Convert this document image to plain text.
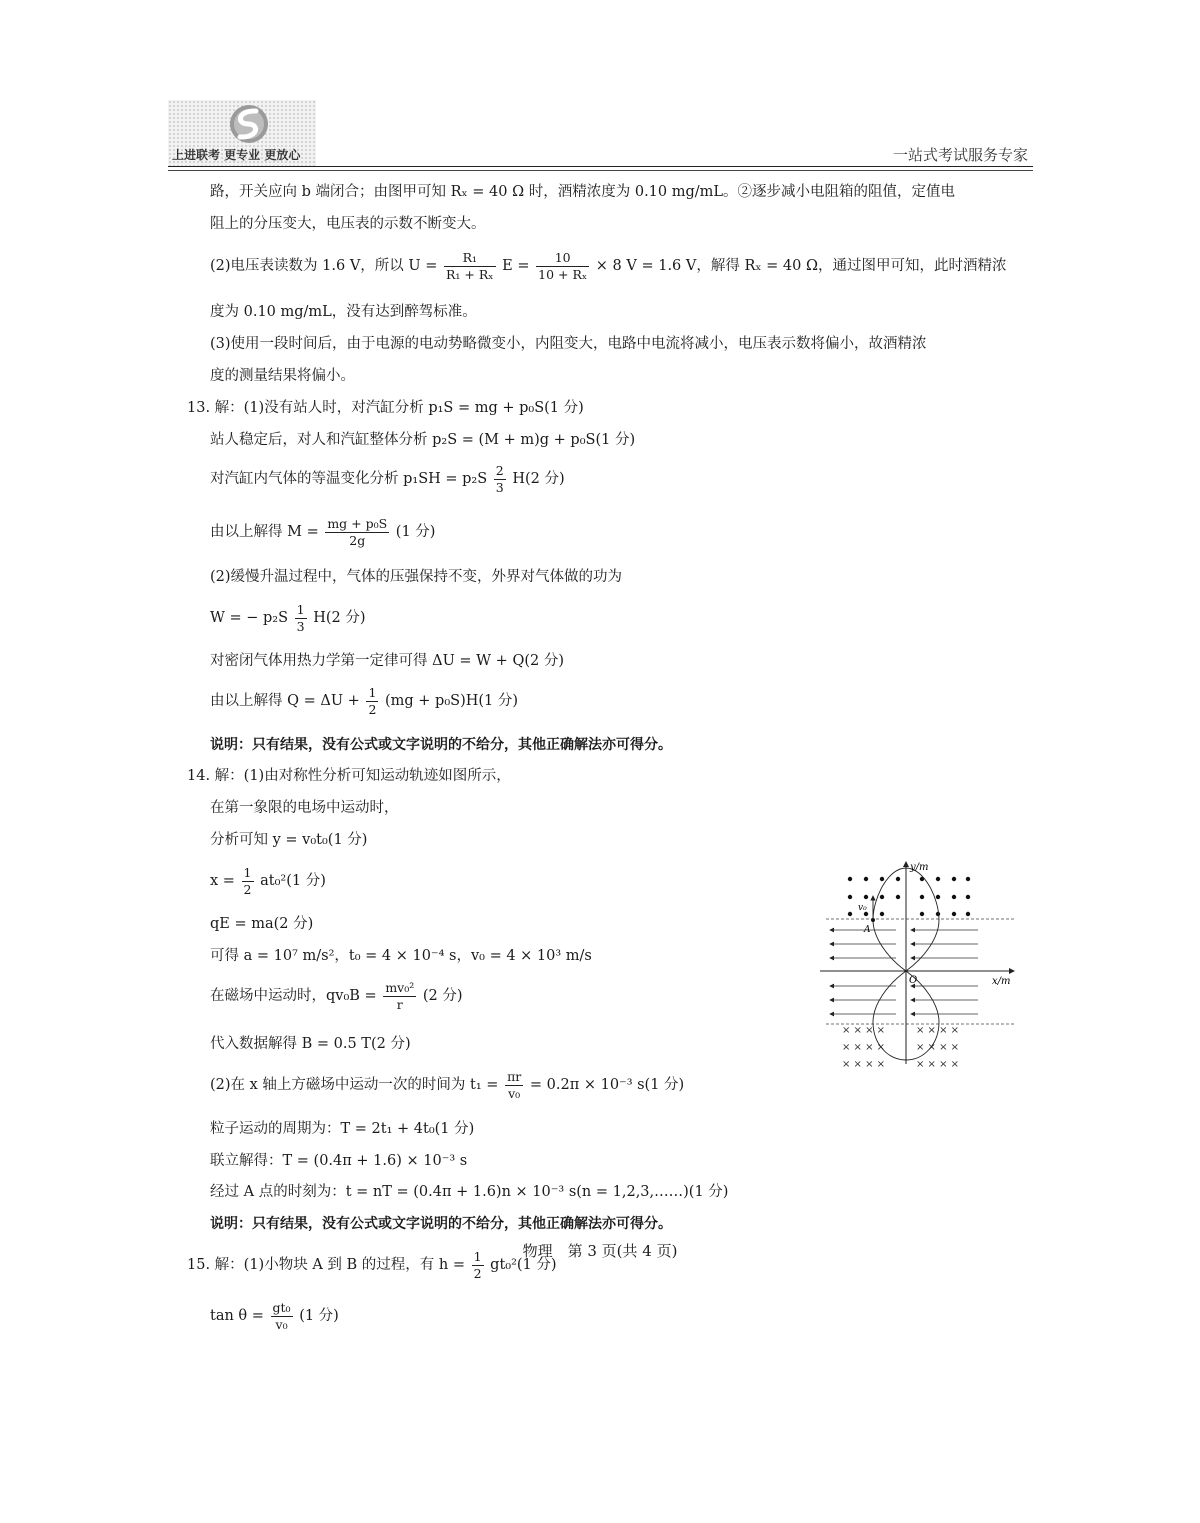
上进联考 更专业 更放心	一站式考试服务专家
路，开关应向 b 端闭合；由图甲可知 Rₓ = 40 Ω 时，酒精浓度为 0.10 mg/mL。②逐步减小电阻箱的阻值，定值电
阻上的分压变大，电压表的示数不断变大。
(2)电压表读数为 1.6 V，所以 $U = \frac{\text{R₁}}{\text{R₁ + Rₓ}}$ $E = \frac{10}{\text{10 + Rₓ}} \times 8$ V = 1.6 V，解得 Rₓ = 40 Ω，通过图甲可知，此时酒精浓
度为 0.10 mg/mL，没有达到醉驾标准。
(3)使用一段时间后，由于电源的电动势略微变小，内阻变大，电路中电流将减小，电压表示数将偏小，故酒精浓
度的测量结果将偏小。
13. 解：(1)没有站人时，对汽缸分析 p₁S = mg + p₀S(1 分)
站人稳定后，对人和汽缸整体分析 p₂S = (M + m)g + p₀S(1 分)
对汽缸内气体的等温变化分析 $p_1SH = p_2S \frac{2}{3} H(2$ 分)
由以上解得 $M = \frac{\text{mg + p₀S}}{2g} (1$ 分)
(2)缓慢升温过程中，气体的压强保持不变，外界对气体做的功为
W = − $p_2S \frac{1}{3} H(2$ 分)
对密闭气体用热力学第一定律可得 ΔU = W + Q(2 分)
由以上解得 $Q = \Delta U + \frac{1}{2} (mg + p_0S)H(1$ 分)
说明：只有结果，没有公式或文字说明的不给分，其他正确解法亦可得分。
14. 解：(1)由对称性分析可知运动轨迹如图所示，
在第一象限的电场中运动时，
分析可知 y = v₀t₀(1 分)
$x = \frac{1}{2} at_0^2(1$ 分)
qE = ma(2 分)
可得 a = 10⁷ m/s²，t₀ = 4 × 10⁻⁴ s，v₀ = 4 × 10³ m/s
在磁场中运动时，$qv_0B = \frac{\text{mv₀²}}{r} (2$ 分)
代入数据解得 B = 0.5 T(2 分)
(2)在 x 轴上方磁场中运动一次的时间为 $t_1 = \frac{\pi r}{\text{v₀}} = 0.2\pi \times 10^{-3}$ s(1 分)
粒子运动的周期为：T = 2t₁ + 4t₀(1 分)
联立解得：T = (0.4π + 1.6) × 10⁻³ s
经过 A 点的时刻为：t = nT = (0.4π + 1.6)n × 10⁻³ s(n = 1,2,3,……)(1 分)
说明：只有结果，没有公式或文字说明的不给分，其他正确解法亦可得分。
15. 解：(1)小物块 A 到 B 的过程，有 $h = \frac{1}{2} gt_0^2(1$ 分)
$\tan \theta = \frac{\text{gt₀}}{\text{v₀}} (1$ 分)
× × × ×	× × × ×
× × × ×	× × × ×
× × × ×	× × × ×
v₀
A
O
y/m
x/m
物理　第 3 页(共 4 页)
